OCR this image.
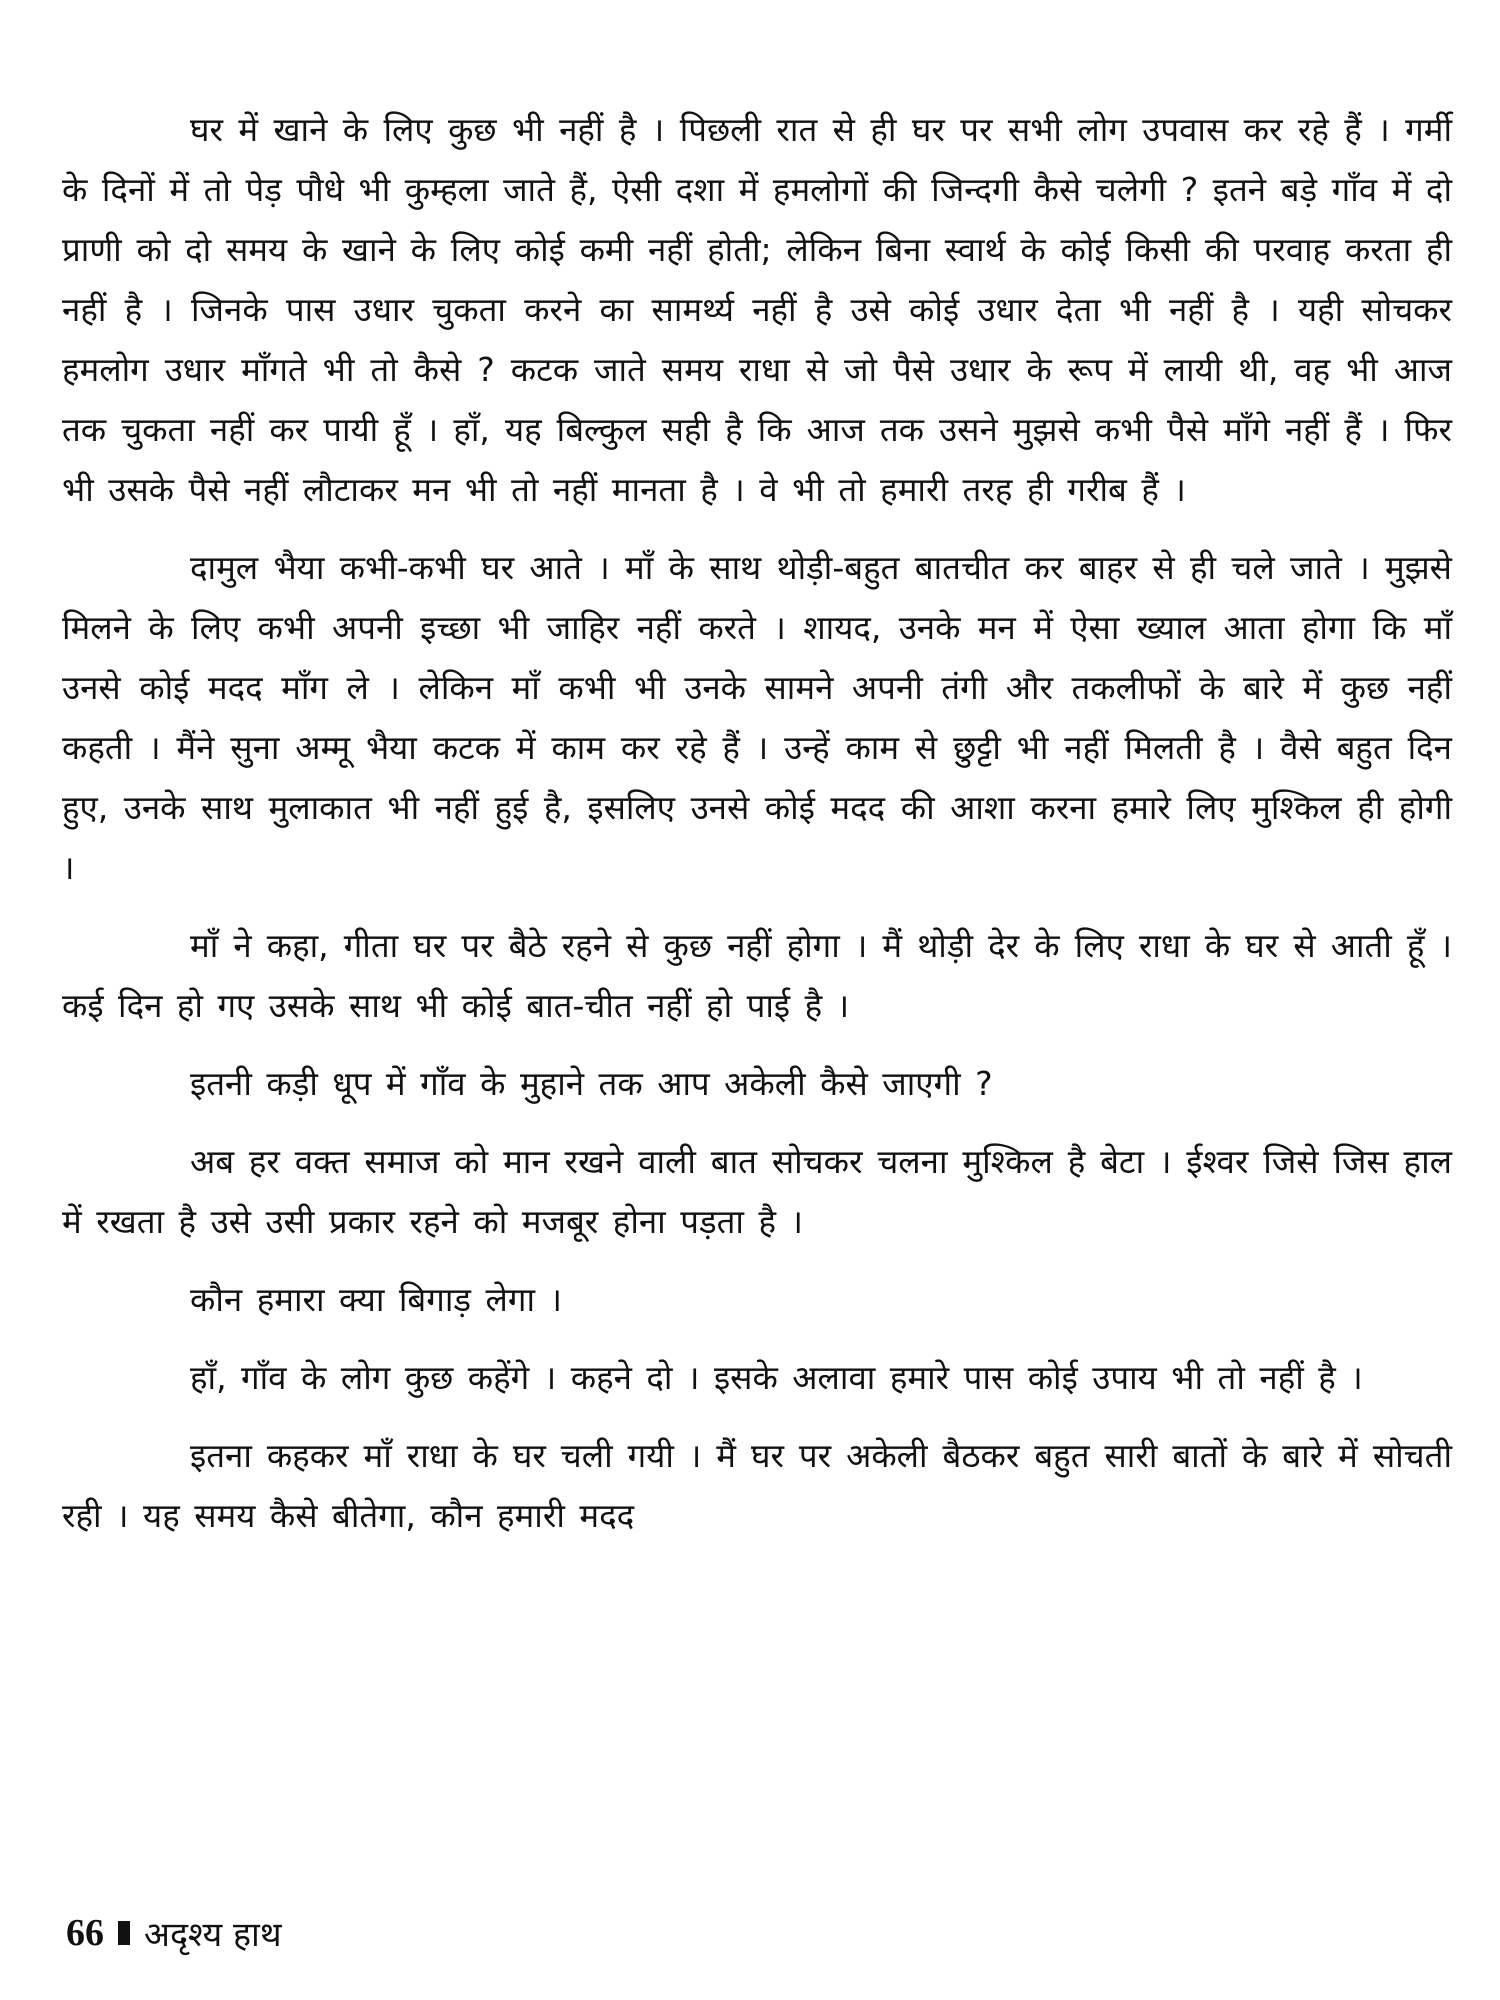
घर में खाने के लिए कुछ भी नहीं है । पिछली रात से ही घर पर सभी लोग उपवास कर रहे हैं । गर्मी के दिनों में तो पेड़ पौधे भी कुम्हला जाते हैं, ऐसी दशा में हमलोगों की जिन्दगी कैसे चलेगी ? इतने बड़े गाँव में दो प्राणी को दो समय के खाने के लिए कोई कमी नहीं होती; लेकिन बिना स्वार्थ के कोई किसी की परवाह करता ही नहीं है । जिनके पास उधार चुकता करने का सामर्थ्य नहीं है उसे कोई उधार देता भी नहीं है । यही सोचकर हमलोग उधार माँगते भी तो कैसे ? कटक जाते समय राधा से जो पैसे उधार के रूप में लायी थी, वह भी आज तक चुकता नहीं कर पायी हूँ । हाँ, यह बिल्कुल सही है कि आज तक उसने मुझसे कभी पैसे माँगे नहीं हैं । फिर भी उसके पैसे नहीं लौटाकर मन भी तो नहीं मानता है । वे भी तो हमारी तरह ही गरीब हैं ।

दामुल भैया कभी-कभी घर आते । माँ के साथ थोड़ी-बहुत बातचीत कर बाहर से ही चले जाते । मुझसे मिलने के लिए कभी अपनी इच्छा भी जाहिर नहीं करते । शायद, उनके मन में ऐसा ख्याल आता होगा कि माँ उनसे कोई मदद माँग ले । लेकिन माँ कभी भी उनके सामने अपनी तंगी और तकलीफों के बारे में कुछ नहीं कहती । मैंने सुना अम्मू भैया कटक में काम कर रहे हैं । उन्हें काम से छुट्टी भी नहीं मिलती है । वैसे बहुत दिन हुए, उनके साथ मुलाकात भी नहीं हुई है, इसलिए उनसे कोई मदद की आशा करना हमारे लिए मुश्किल ही होगी ।

माँ ने कहा, गीता घर पर बैठे रहने से कुछ नहीं होगा । मैं थोड़ी देर के लिए राधा के घर से आती हूँ । कई दिन हो गए उसके साथ भी कोई बात-चीत नहीं हो पाई है ।

इतनी कड़ी धूप में गाँव के मुहाने तक आप अकेली कैसे जाएगी ?

अब हर वक्त समाज को मान रखने वाली बात सोचकर चलना मुश्किल है बेटा । ईश्वर जिसे जिस हाल में रखता है उसे उसी प्रकार रहने को मजबूर होना पड़ता है ।

कौन हमारा क्या बिगाड़ लेगा ।

हाँ, गाँव के लोग कुछ कहेंगे । कहने दो । इसके अलावा हमारे पास कोई उपाय भी तो नहीं है ।

इतना कहकर माँ राधा के घर चली गयी । मैं घर पर अकेली बैठकर बहुत सारी बातों के बारे में सोचती रही । यह समय कैसे बीतेगा, कौन हमारी मदद

66 अदृश्य हाथ
